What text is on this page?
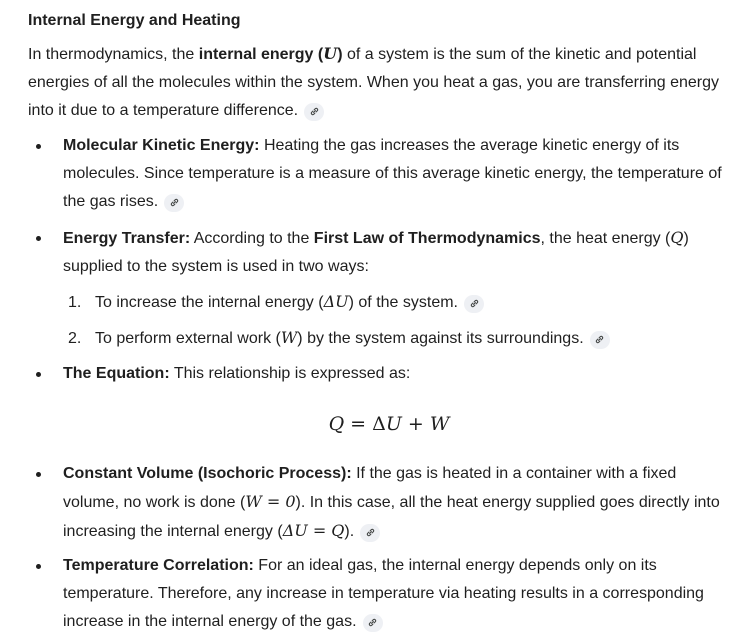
Internal Energy and Heating
In thermodynamics, the internal energy (U) of a system is the sum of the kinetic and potential energies of all the molecules within the system. When you heat a gas, you are transferring energy into it due to a temperature difference.
Molecular Kinetic Energy: Heating the gas increases the average kinetic energy of its molecules. Since temperature is a measure of this average kinetic energy, the temperature of the gas rises.
Energy Transfer: According to the First Law of Thermodynamics, the heat energy (Q) supplied to the system is used in two ways:
1. To increase the internal energy (ΔU) of the system.
2. To perform external work (W) by the system against its surroundings.
The Equation: This relationship is expressed as:
Q = ΔU + W
Constant Volume (Isochoric Process): If the gas is heated in a container with a fixed volume, no work is done (W = 0). In this case, all the heat energy supplied goes directly into increasing the internal energy (ΔU = Q).
Temperature Correlation: For an ideal gas, the internal energy depends only on its temperature. Therefore, any increase in temperature via heating results in a corresponding increase in the internal energy of the gas.
